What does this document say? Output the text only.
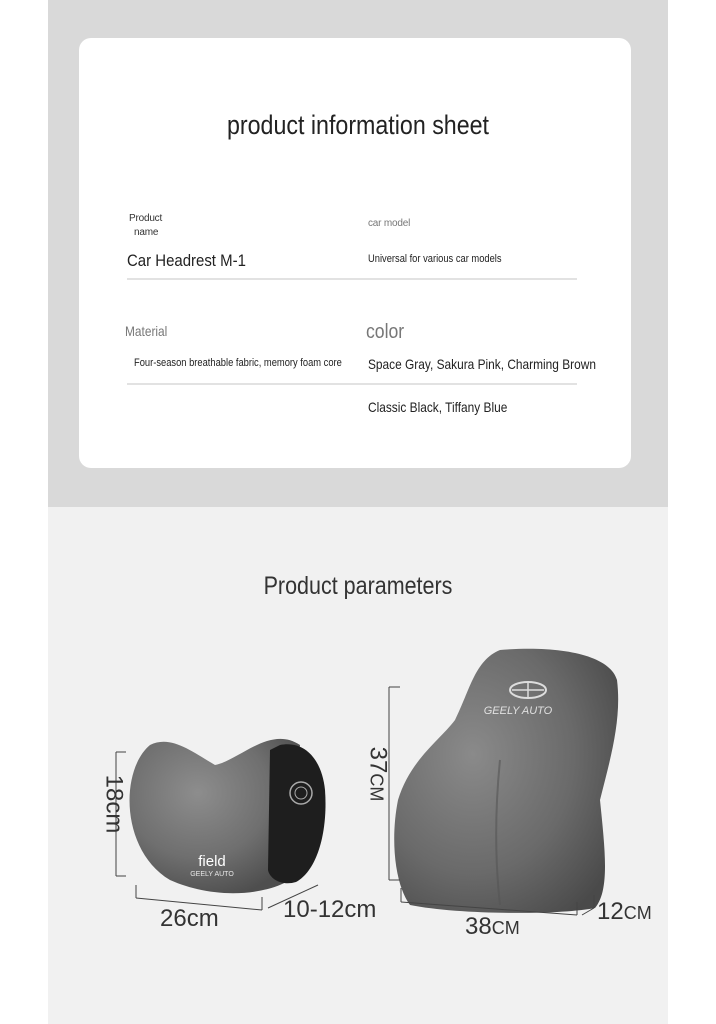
product information sheet
Product
name
Car Headrest M-1
car model
Universal for various car models
Material
Four-season breathable fabric, memory foam core
color
Space Gray, Sakura Pink, Charming Brown
Classic Black, Tiffany Blue
Product parameters
GEELY AUTO
field
GEELY AUTO
18cm
26cm	10-12cm
37CM
38CM
12CM
